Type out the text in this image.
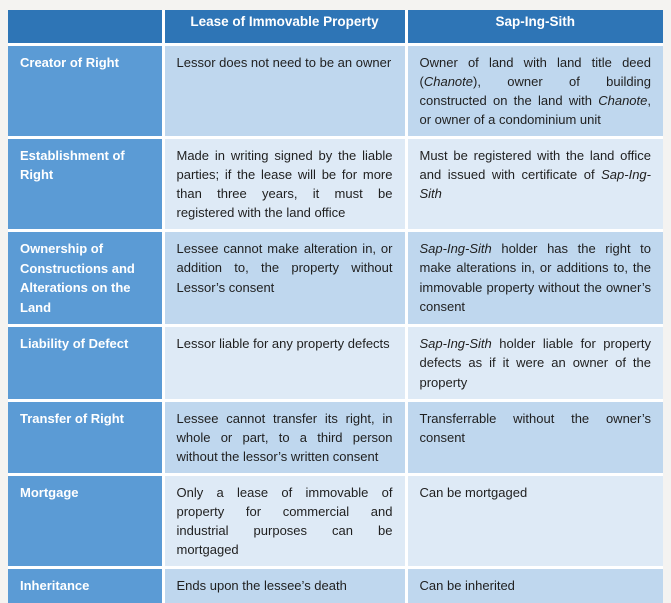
	Lease of Immovable Property	Sap-Ing-Sith
Creator of Right	Lessor does not need to be an owner	Owner of land with land title deed (Chanote), owner of building constructed on the land with Chanote, or owner of a condominium unit
Establishment of Right	Made in writing signed by the liable parties; if the lease will be for more than three years, it must be registered with the land office	Must be registered with the land office and issued with certificate of Sap-Ing-Sith
Ownership of Constructions and Alterations on the Land	Lessee cannot make alteration in, or addition to, the property without Lessor’s consent	Sap-Ing-Sith holder has the right to make alterations in, or additions to, the immovable property without the owner’s consent
Liability of Defect	Lessor liable for any property defects	Sap-Ing-Sith holder liable for property defects as if it were an owner of the property
Transfer of Right	Lessee cannot transfer its right, in whole or part, to a third person without the lessor’s written consent	Transferrable without the owner’s consent
Mortgage	Only a lease of immovable of property for commercial and industrial purposes can be mortgaged	Can be mortgaged
Inheritance	Ends upon the lessee’s death	Can be inherited
